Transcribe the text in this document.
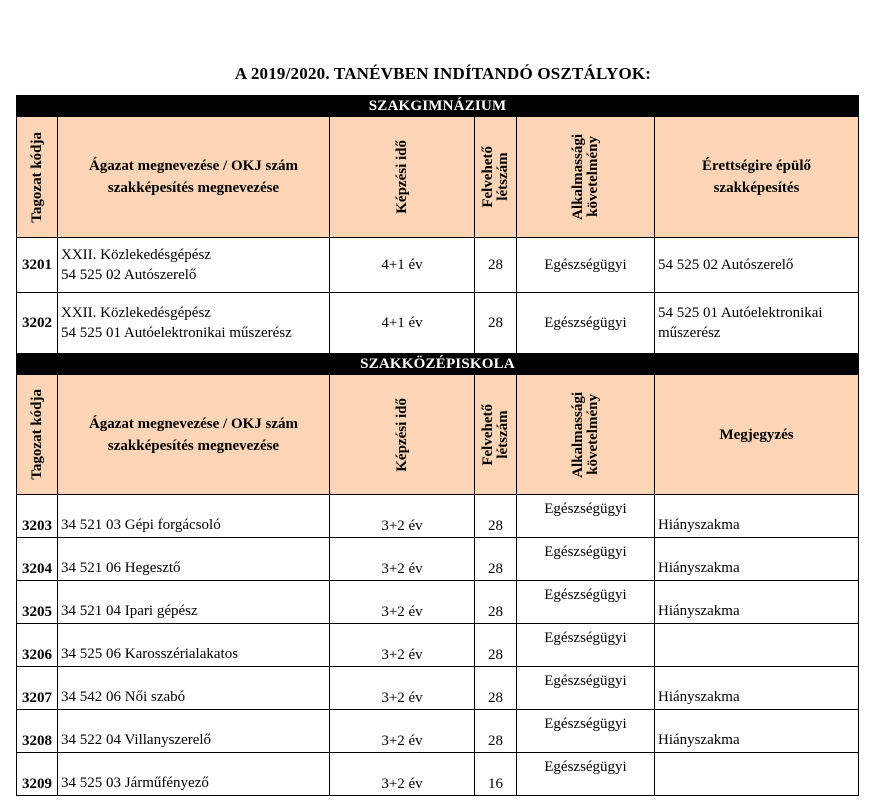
A 2019/2020. TANÉVBEN INDÍTANDÓ OSZTÁLYOK:
SZAKGIMNÁZIUM					

Tagozat kódja	Ágazat megnevezése / OKJ szám szakképesítés megnevezése	Képzési idő	Felvehető
létszám	Alkalmassági
követelmény	Érettségire épülő szakképesítés

3201	XXII. Közlekedésgépész
54 525 02 Autószerelő	4+1 év	28	Egészségügyi	54 525 02 Autószerelő
3202	XXII. Közlekedésgépész
54 525 01 Autóelektronikai műszerész	4+1 év	28	Egészségügyi	54 525 01 Autóelektronikai műszerész
SZAKKÖZÉPISKOLA					

Tagozat kódja	Ágazat megnevezése / OKJ szám szakképesítés megnevezése	Képzési idő	Felvehető
létszám	Alkalmassági
követelmény	Megjegyzés
3203	34 521 03 Gépi forgácsoló	3+2 év	28	Egészségügyi	Hiányszakma
3204	34 521 06 Hegesztő	3+2 év	28	Egészségügyi	Hiányszakma
3205	34 521 04 Ipari gépész	3+2 év	28	Egészségügyi	Hiányszakma
3206	34 525 06 Karosszérialakatos	3+2 év	28	Egészségügyi	
3207	34 542 06 Női szabó	3+2 év	28	Egészségügyi	Hiányszakma
3208	34 522 04 Villanyszerelő	3+2 év	28	Egészségügyi	Hiányszakma
3209	34 525 03 Járműfényező	3+2 év	16	Egészségügyi	
